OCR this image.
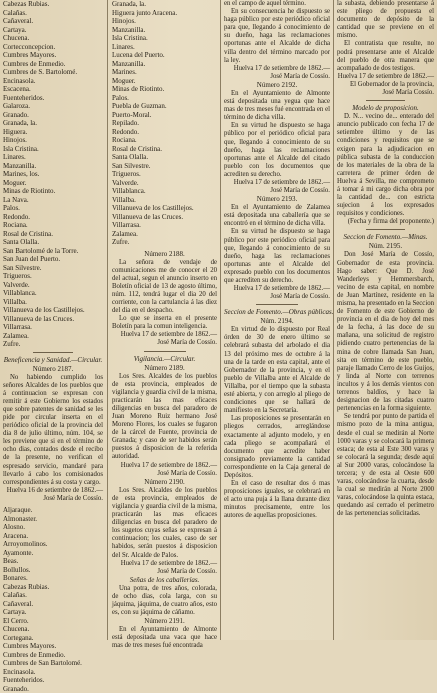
Cabezas Rubias.
Calañas.
Cañaveral.
Cartaya.
Chucena.
Cortecconcepcion.
Cumbres Mayores.
Cumbres de Enmedio.
Cumbres de S. Bartolomé.
Encinasola.
Escacena.
Fuenteheridos.
Galaroza.
Granado.
Granada, la.
Higuera.
Hinojos.
Isla Cristina.
Linares.
Manzanilla.
Marines, los.
Moguer.
Minas de Riotinto.
La Nava.
Palos.
Redondo.
Rociana.
Rosal de Cristina.
Santa Olalla.
San Bartolomé de la Torre.
San Juan del Puerto.
San Silvestre.
Trigueros.
Valverde.
Villablanca.
Villalba.
Villanueva de los Castillejos.
Villanueva de las Cruces.
Villarrasa.
Zalamea.
Zufre.
Beneficencia y Sanidad.—Circular.
Número 2187.
No habiendo cumplido los señores Alcaldes de los pueblos que á continuacion se expresan con remitir á este Gobierno los estados que sobre patentes de sanidad se les pide por circular inserta en el periódico oficial de la provincia del dia 8 de julio último, núm. 104, se les previene que si en el término de ocho dias, contados desde el recibo de la presente, no verifican el espresado servicio, mandaré para llevarlo á cabo los comisionados correspondientes á su costa y cargo.
Huelva 16 de setiembre de 1862.—José María de Cossío.
Aljaraque.
Almonaster.
Alosno.
Aracena.
Arroyomolinos.
Ayamonte.
Beas.
Bollullos.
Bonares.
Cabezas Rubias.
Calañas.
Cañaveral.
Cartaya.
El Cerro.
Chucena.
Cortegana.
Cumbres Mayores.
Cumbres de Enmedio.
Cumbres de San Bartolomé.
Encinasola.
Fuenteheridos.
Granado.
Granada, la.
Higuera junto Aracena.
Hinojos.
Manzanilla.
Isla Cristina.
Linares.
Lucena del Puerto.
Manzanilla.
Marines.
Moguer.
Minas de Riotinto.
Palos.
Puebla de Guzman.
Puerto-Moral.
Repilado.
Redondo.
Rociana.
Rosal de Cristina.
Santa Olalla.
San Silvestre.
Trigueros.
Valverde.
Villablanca.
Villalba.
Villanueva de los Castillejos.
Villanueva de las Cruces.
Villarrasa.
Zalamea.
Zufre.
Número 2188.
La señora de vendaje de comunicaciones me de conocer el 20 del actual, segun el anuncio inserto en Boletín oficial de 13 de agosto último, núm. 112, tendrá lugar el dia 20 del corriente, con la cartulancia á las diez del dia en el despacho.
Lo que se inserta en el presente Boletín para la comun inteligencia.
Huelva 17 de setiembre de 1862.—José María de Cossío.
Vigilancia.—Circular.
Número 2189.
Los Sres. Alcaldes de los pueblos de esta provincia, empleados de vigilancia y guardia civil de la misma, practicarán las mas eficaces diligencias en busca del paradero de Juan Moreno Ruiz hermano José Moreno Flores, los cuales se fugaron de la cárcel de Fuente, provincia de Granada; y caso de ser habidos serán puestos á disposicion de la referida autoridad.
Huelva 17 de setiembre de 1862.—José María de Cossío.
Número 2190.
Los Sres. Alcaldes de los pueblos de esta provincia, empleados de vigilancia y guardia civil de la misma, practicarán las mas eficaces diligencias en busca del paradero de los sugetos cuyas señas se expresan á continuacion; los cuales, caso de ser habidos, serán puestos á disposicion del Sr. Alcalde de Palos.
Huelva 17 de setiembre de 1862.—José María de Cossío.
Señas de los caballerías.
Una potra, de tres años, colorada, de ocho dias, cola larga, con su jáquima, jáquima, de cuatro años, esto es, con su jáquima de cáñamo.
Número 2191.
En el Ayuntamiento de Almonte está depositada una vaca que hace mas de tres meses fué encontrada
en el campo de aquel término.
En su consecuencia he dispuesto se haga público por este periódico oficial para que, llegando á conocimiento de su dueño, haga las reclamaciones oportunas ante el Alcalde de dicha villa dentro del término marcado por la ley.
Huelva 17 de setiembre de 1862.—José María de Cossío.
Número 2192.
En el Ayuntamiento de Almonte está depositada una yegua que hace mas de tres meses fué encontrada en el término de dicha villa.
En su virtud he dispuesto se haga público por el periódico oficial para que, llegando á conocimiento de su dueño, haga las reclamaciones oportunas ante el Alcalde del citado pueblo con los documentos que acrediten su derecho.
Huelva 17 de setiembre de 1862.—José María de Cossío.
Número 2193.
En el Ayuntamiento de Zalamea está depositada una caballería que se encontró en el término de dicha villa.
En su virtud he dispuesto se haga público por este periódico oficial para que, llegando á conocimiento de su dueño, haga las reclamaciones oportunas ante el Alcalde del expresado pueblo con los documentos que acrediten su derecho.
Huelva 17 de setiembre de 1862.—José María de Cossío.
Seccion de Fomento.—Obras públicas.
Núm. 2194.
En virtud de lo dispuesto por Real órden de 30 de enero último se celebrará subasta del arbolado el dia 13 del próximo mes de octubre á la una de la tarde en esta capital, ante el Gobernador de la provincia, y en el pueblo de Villalba ante el Alcalde de Villalba, por el tiempo que la subasta esté abierta, y con arreglo al pliego de condiciones que se hallará de manifiesto en la Secretaría.
Las proposiciones se presentarán en pliegos cerrados, arreglándose exactamente al adjunto modelo, y en cada pliego se acompañará el documento que acredite haber consignado previamente la cantidad correspondiente en la Caja general de Depósitos.
En el caso de resultar dos ó mas proposiciones iguales, se celebrará en el acto una puja á la llana durante diez minutos precisamente, entre los autores de aquellas proposiciones.
la subasta, debiendo presentarse á este pliego de propuesta el documento de depósito de la cantidad que se previene en el mismo.
El contratista que resulte, no podrá presentarse ante el Alcalde del pueblo de otra manera que acompañado de dos testigos.
Huelva 17 de setiembre de 1862.—El Gobernador de la provincia, José María Cossío.
Modelo de proposicion.
D. N... vecino de... enterado del anuncio publicado con fecha 17 de setiembre último y de las condiciones y requisitos que se exigen para la adjudicacion en pública subasta de la conduccion de los materiales de la obra de la carretera de primer órden de Huelva á Sevilla, me comprometo á tomar á mi cargo dicha obra por la cantidad de... con estricta sujecion á los expresados requisitos y condiciones.
(Fecha y firma del proponente.)
Seccion de Fomento.—Minas.
Núm. 2195.
Don José María de Cossío, Gobernador de esta provincia. Hago saber: Que D. José Wanderleys y Hemmersbarch, vecino de esta capital, en nombre de Juan Martínez, residente en la misma, ha presentado en la Seccion de Fomento de este Gobierno de provincia en el dia de hoy del mes de la fecha, á las doce de su mañana, una solicitud de registro pidiendo cuatro pertenencias de la mina de cobre llamada San Juan, sita en término de este pueblo, paraje llamado Cerro de los Guijos, y linda al Norte con terrenos incultos y á los demás vientos con terrenos baldíos, y hace la designacion de las citadas cuatro pertenencias en la forma siguiente.
Se tendrá por punto de partida el mismo pozo de la mina antigua, desde el cual se medirán al Norte 1000 varas y se colocará la primera estaca; de esta al Este 300 varas y se colocará la segunda; desde aquí al Sur 2000 varas, colocándose la tercera; y de esta al Oeste 600 varas, colocándose la cuarta, desde la cual se medirán al Norte 2000 varas, colocándose la quinta estaca, quedando así cerrado el perímetro de las pertenencias solicitadas.
